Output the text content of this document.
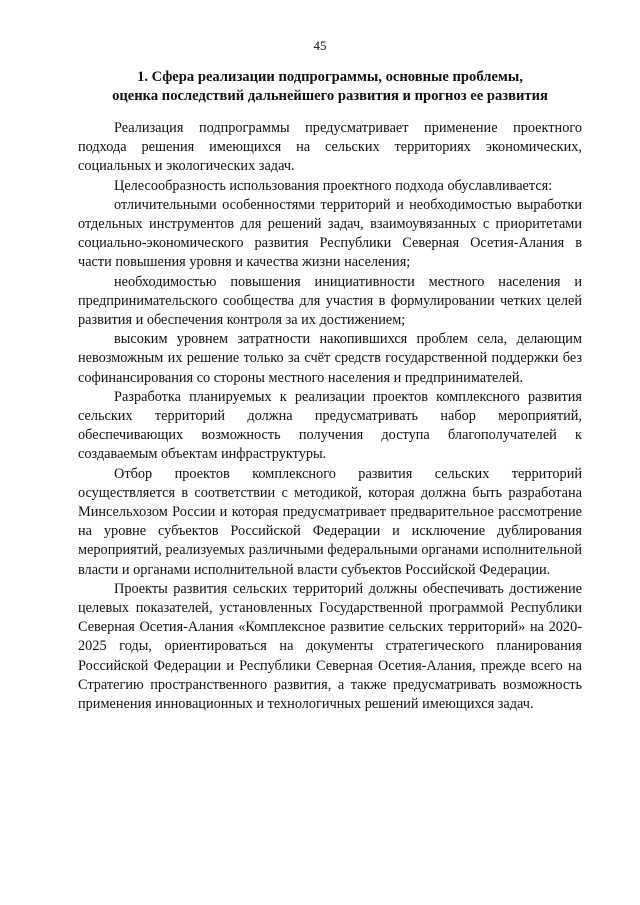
45
1. Сфера реализации подпрограммы, основные проблемы,
оценка последствий дальнейшего развития и прогноз ее развития

Реализация подпрограммы предусматривает применение проектного подхода решения имеющихся на сельских территориях экономических, социальных и экологических задач.

Целесообразность использования проектного подхода обуславливается:

отличительными особенностями территорий и необходимостью выработки отдельных инструментов для решений задач, взаимоувязанных с приоритетами социально-экономического развития Республики Северная Осетия-Алания в части повышения уровня и качества жизни населения;

необходимостью повышения инициативности местного населения и предпринимательского сообщества для участия в формулировании четких целей развития и обеспечения контроля за их достижением;

высоким уровнем затратности накопившихся проблем села, делающим невозможным их решение только за счёт средств государственной поддержки без софинансирования со стороны местного населения и предпринимателей.

Разработка планируемых к реализации проектов комплексного развития сельских территорий должна предусматривать набор мероприятий, обеспечивающих возможность получения доступа благополучателей к создаваемым объектам инфраструктуры.

Отбор проектов комплексного развития сельских территорий осуществляется в соответствии с методикой, которая должна быть разработана Минсельхозом России и которая предусматривает предварительное рассмотрение на уровне субъектов Российской Федерации и исключение дублирования мероприятий, реализуемых различными федеральными органами исполнительной власти и органами исполнительной власти субъектов Российской Федерации.

Проекты развития сельских территорий должны обеспечивать достижение целевых показателей, установленных Государственной программой Республики Северная Осетия-Алания «Комплексное развитие сельских территорий» на 2020-2025 годы, ориентироваться на документы стратегического планирования Российской Федерации и Республики Северная Осетия-Алания, прежде всего на Стратегию пространственного развития, а также предусматривать возможность применения инновационных и технологичных решений имеющихся задач.
